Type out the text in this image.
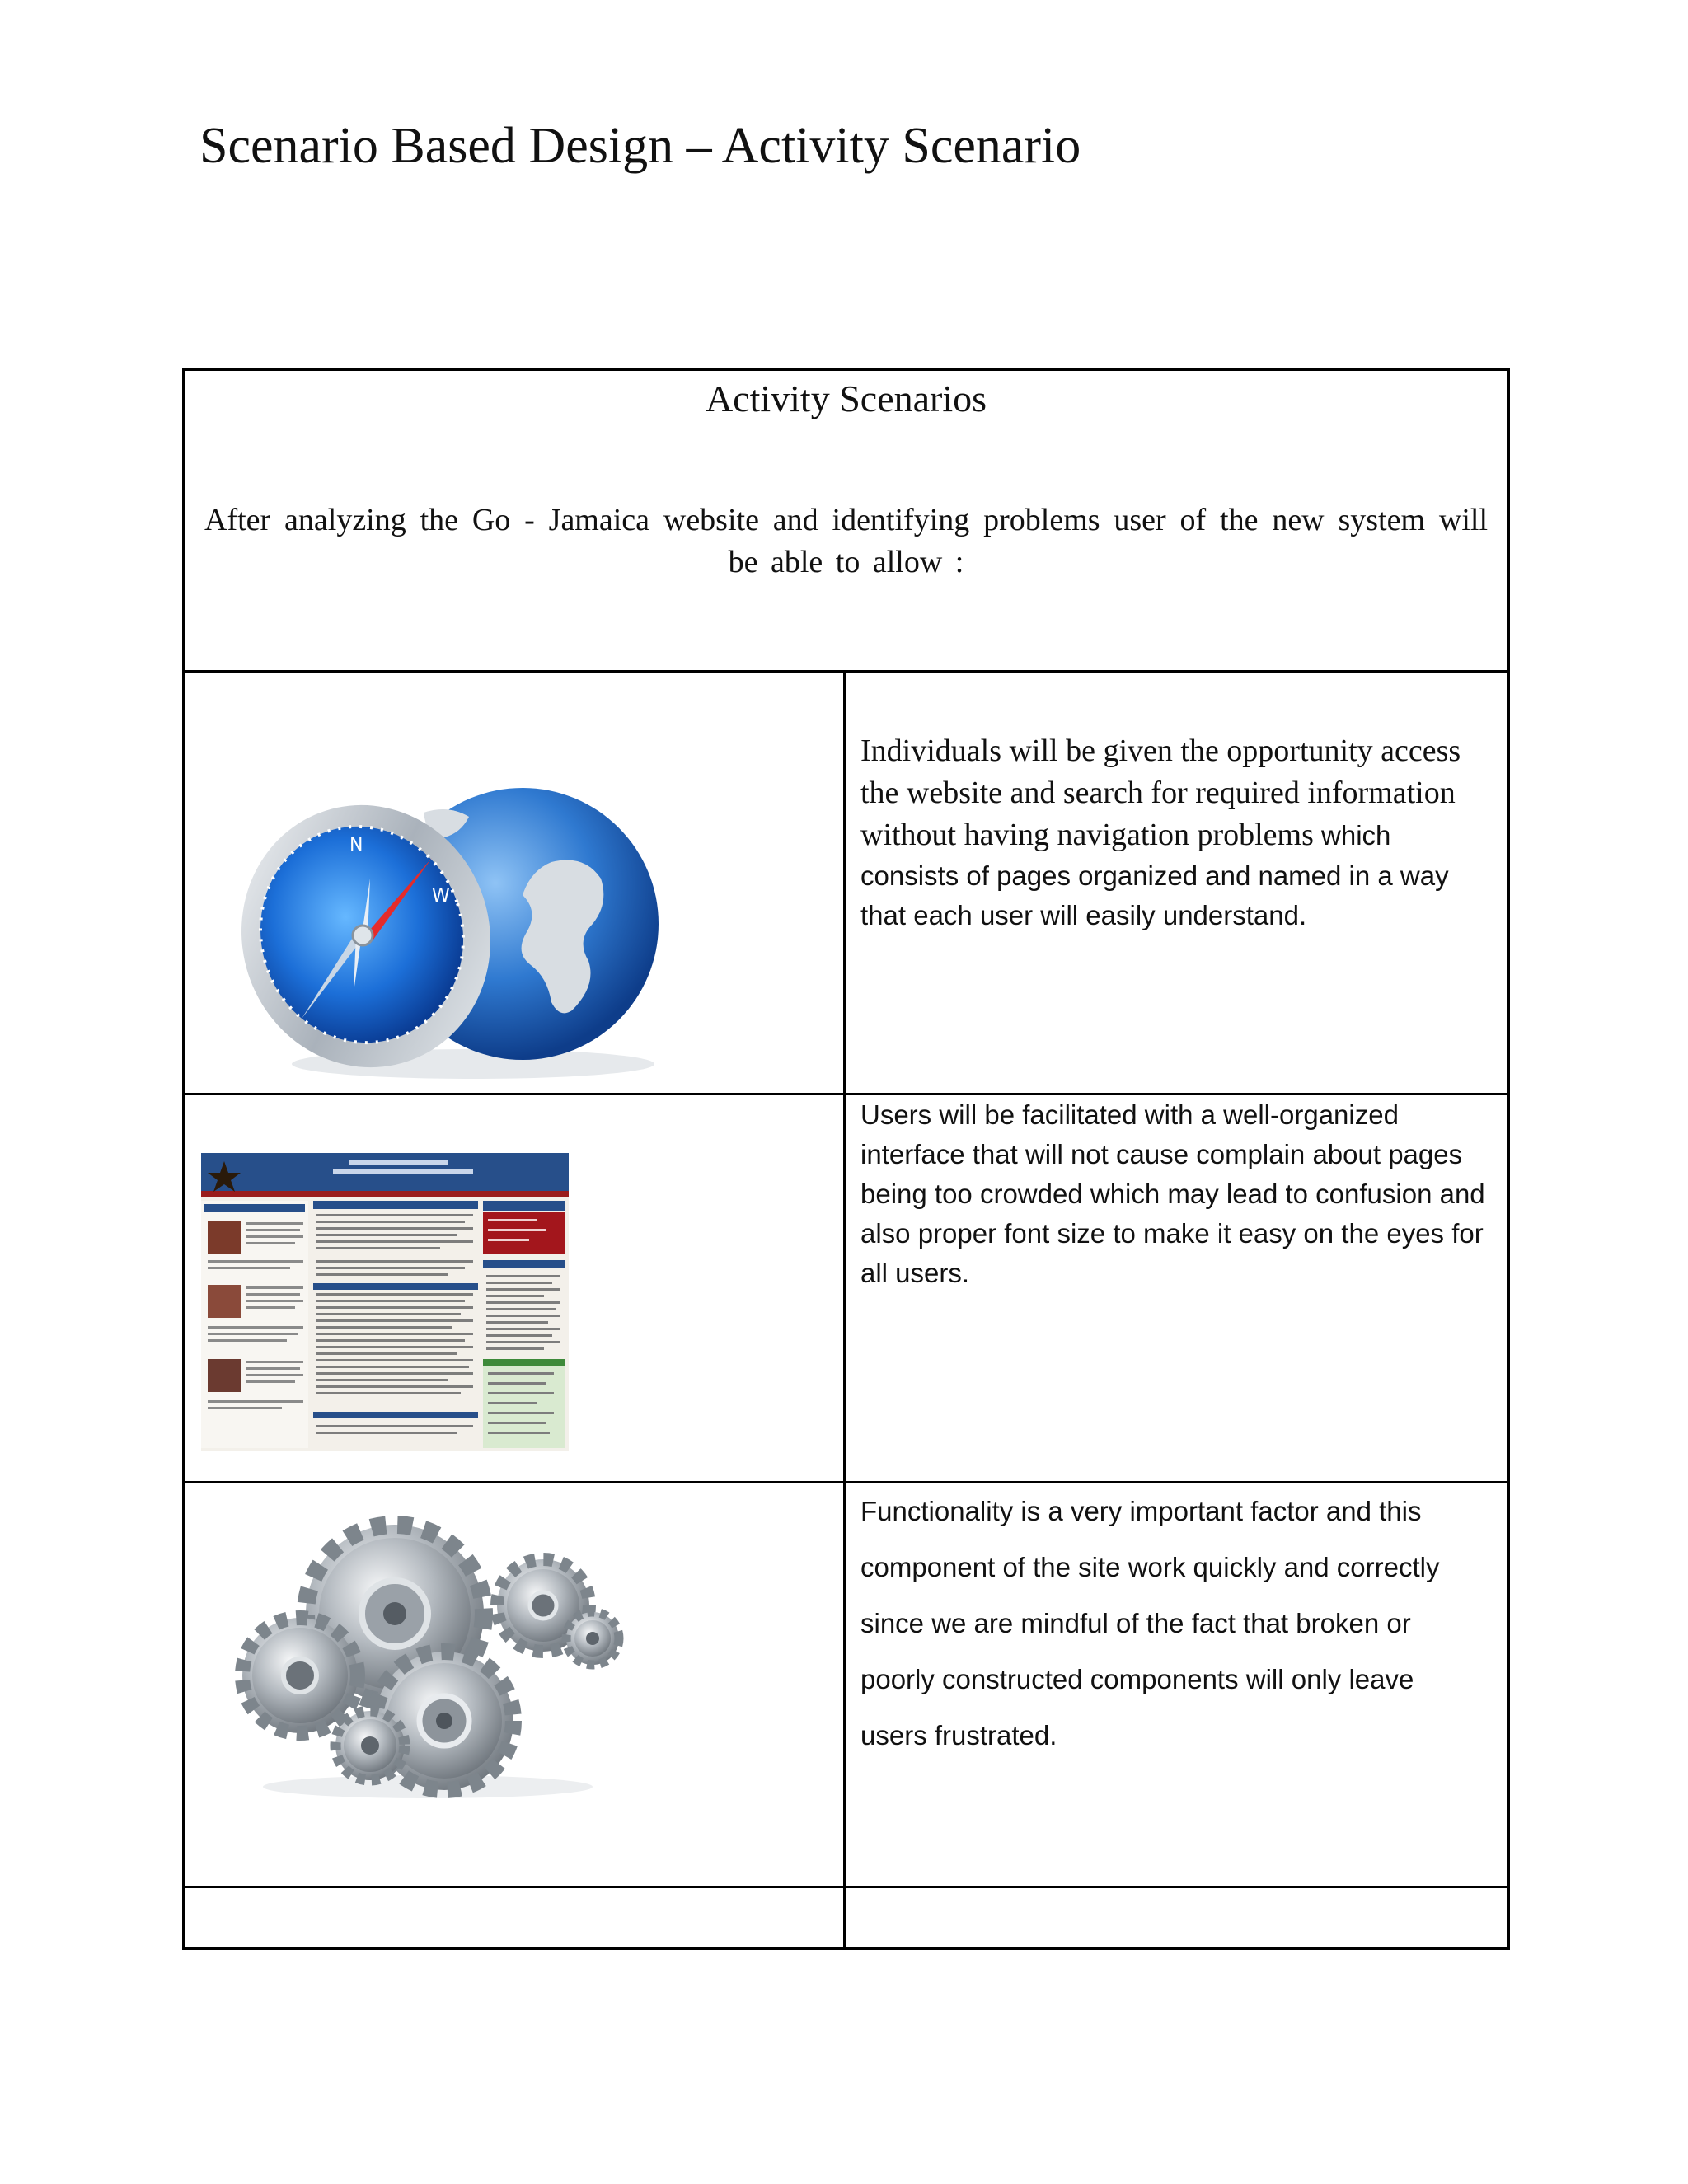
Scenario Based Design – Activity Scenario
Activity Scenarios
After analyzing the Go - Jamaica website and identifying problems user of the new system will be able to allow :	

N
W	Individuals will be given the opportunity access the website and search for required information without having navigation problems which consists of pages organized and named in a way that each user will easily understand.

Users will be facilitated with a well-organized interface that will not cause complain about pages being too crowded which may lead to confusion and also proper font size to make it easy on the eyes for all users.

Functionality is a very important factor and this component of the site work quickly and correctly since we are mindful of the fact that broken or poorly constructed components will only leave users frustrated.
